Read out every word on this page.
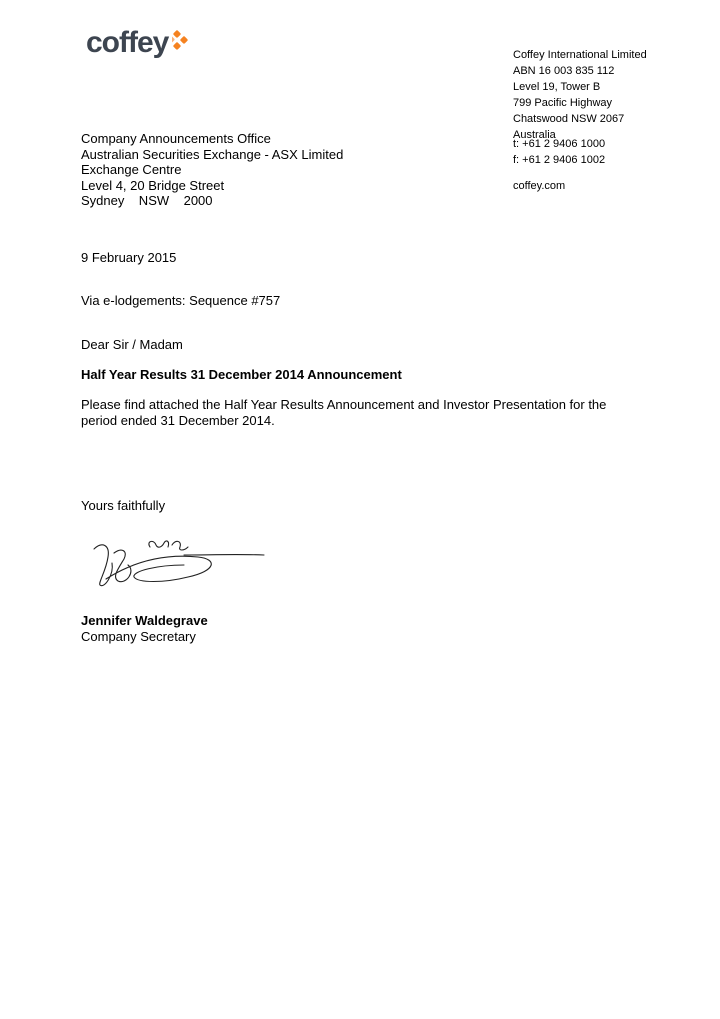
coffey	Coffey International Limited
ABN 16 003 835 112
Level 19, Tower B
799 Pacific Highway
Chatswood NSW 2067
Australia
t: +61 2 9406 1000
f: +61 2 9406 1002
coffey.com
Company Announcements Office
Australian Securities Exchange - ASX Limited
Exchange Centre
Level 4, 20 Bridge Street
Sydney    NSW    2000
9 February 2015
Via e-lodgements: Sequence #757
Dear Sir / Madam
Half Year Results 31 December 2014 Announcement
Please find attached the Half Year Results Announcement and Investor Presentation for the period ended 31 December 2014.
Yours faithfully
Jennifer Waldegrave
Company Secretary
